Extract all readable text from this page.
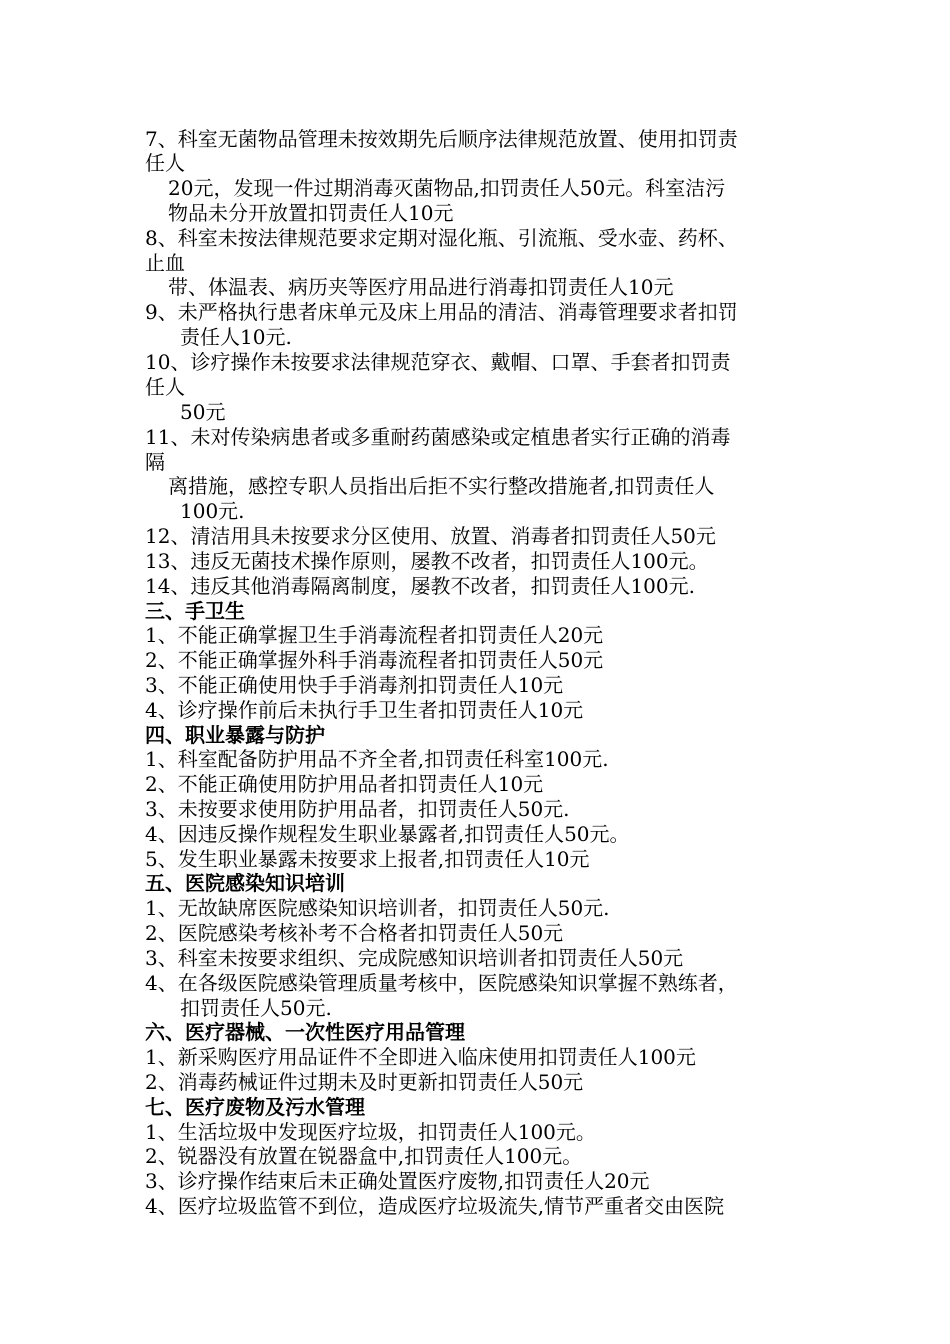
7、科室无菌物品管理未按效期先后顺序法律规范放置、使用扣罚责
任人
20元，发现一件过期消毒灭菌物品,扣罚责任人50元。科室洁污
物品未分开放置扣罚责任人10元
8、科室未按法律规范要求定期对湿化瓶、引流瓶、受水壶、药杯、
止血
带、体温表、病历夹等医疗用品进行消毒扣罚责任人10元
9、未严格执行患者床单元及床上用品的清洁、消毒管理要求者扣罚
责任人10元.
10、诊疗操作未按要求法律规范穿衣、戴帽、口罩、手套者扣罚责
任人
50元
11、未对传染病患者或多重耐药菌感染或定植患者实行正确的消毒
隔
离措施，感控专职人员指出后拒不实行整改措施者,扣罚责任人
100元.
12、清洁用具未按要求分区使用、放置、消毒者扣罚责任人50元
13、违反无菌技术操作原则，屡教不改者，扣罚责任人100元。
14、违反其他消毒隔离制度，屡教不改者，扣罚责任人100元.
三、手卫生
1、不能正确掌握卫生手消毒流程者扣罚责任人20元
2、不能正确掌握外科手消毒流程者扣罚责任人50元
3、不能正确使用快手手消毒剂扣罚责任人10元
4、诊疗操作前后未执行手卫生者扣罚责任人10元
四、职业暴露与防护
1、科室配备防护用品不齐全者,扣罚责任科室100元.
2、不能正确使用防护用品者扣罚责任人10元
3、未按要求使用防护用品者，扣罚责任人50元.
4、因违反操作规程发生职业暴露者,扣罚责任人50元。
5、发生职业暴露未按要求上报者,扣罚责任人10元
五、医院感染知识培训
1、无故缺席医院感染知识培训者，扣罚责任人50元.
2、医院感染考核补考不合格者扣罚责任人50元
3、科室未按要求组织、完成院感知识培训者扣罚责任人50元
4、在各级医院感染管理质量考核中，医院感染知识掌握不熟练者，
扣罚责任人50元.
六、医疗器械、一次性医疗用品管理
1、新采购医疗用品证件不全即进入临床使用扣罚责任人100元
2、消毒药械证件过期未及时更新扣罚责任人50元
七、医疗废物及污水管理
1、生活垃圾中发现医疗垃圾，扣罚责任人100元。
2、锐器没有放置在锐器盒中,扣罚责任人100元。
3、诊疗操作结束后未正确处置医疗废物,扣罚责任人20元
4、医疗垃圾监管不到位，造成医疗垃圾流失,情节严重者交由医院
